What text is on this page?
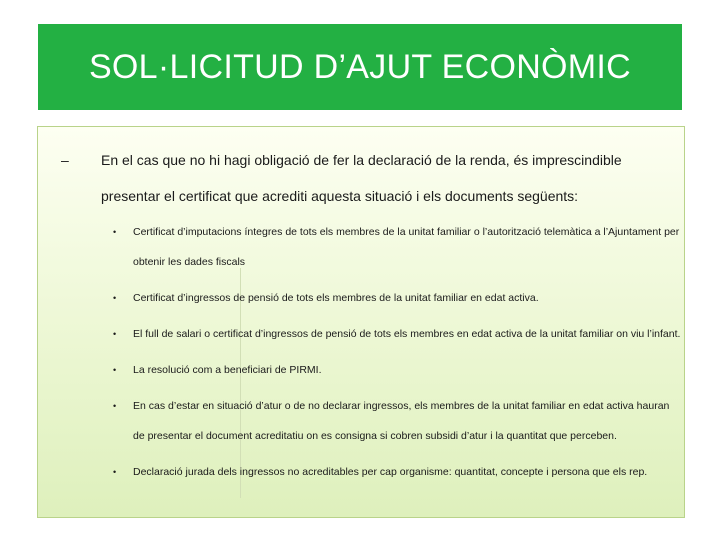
SOL·LICITUD D’AJUT ECONÒMIC
–	En el cas que no hi hagi obligació de fer la declaració de la renda, és imprescindible
presentar el certificat que acrediti aquesta situació i els documents següents:
• Certificat d’imputacions íntegres de tots els membres de la unitat familiar o l’autorització telemàtica a l’Ajuntament per obtenir les dades fiscals
• Certificat d’ingressos de pensió de tots els membres de la unitat familiar en edat activa.
• El full de salari o certificat d’ingressos de pensió de tots els membres en edat activa de la unitat familiar on viu l’infant.
• La resolució com a beneficiari de PIRMI.
• En cas d’estar en situació d’atur o de no declarar ingressos, els membres de la unitat familiar en edat activa hauran de presentar el document acreditatiu on es consigna si cobren subsidi d’atur i la quantitat que perceben.
• Declaració jurada dels ingressos no acreditables per cap organisme: quantitat, concepte i persona que els rep.
